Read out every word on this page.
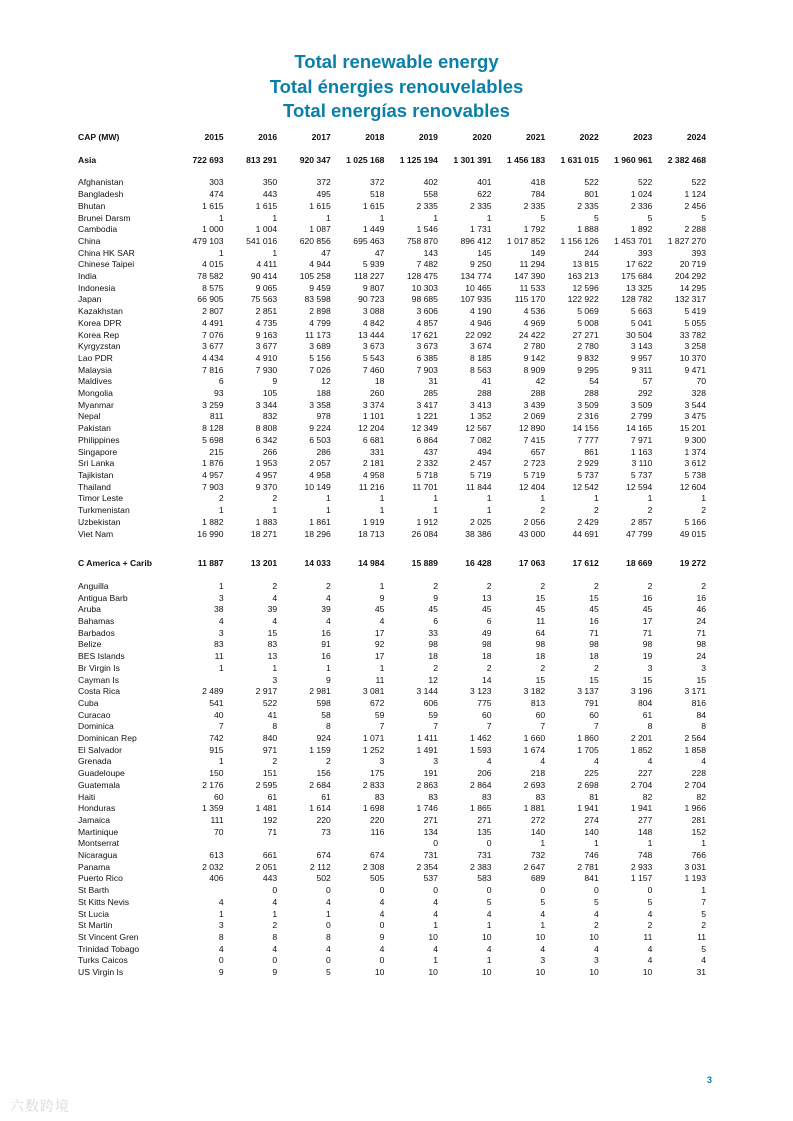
Total renewable energy
Total énergies renouvelables
Total energías renovables
CAP (MW)	2015	2016	2017	2018	2019	2020	2021	2022	2023	2024

Asia	722 693	813 291	920 347	1 025 168	1 125 194	1 301 391	1 456 183	1 631 015	1 960 961	2 382 468

Afghanistan	303	350	372	372	402	401	418	522	522	522
Bangladesh	474	443	495	518	558	622	784	801	1 024	1 124
Bhutan	1 615	1 615	1 615	1 615	2 335	2 335	2 335	2 335	2 336	2 456
Brunei Darsm	1	1	1	1	1	1	5	5	5	5
Cambodia	1 000	1 004	1 087	1 449	1 546	1 731	1 792	1 888	1 892	2 288
China	479 103	541 016	620 856	695 463	758 870	896 412	1 017 852	1 156 126	1 453 701	1 827 270
China HK SAR	1	1	47	47	143	145	149	244	393	393
Chinese Taipei	4 015	4 411	4 944	5 939	7 482	9 250	11 294	13 815	17 622	20 719
India	78 582	90 414	105 258	118 227	128 475	134 774	147 390	163 213	175 684	204 292
Indonesia	8 575	9 065	9 459	9 807	10 303	10 465	11 533	12 596	13 325	14 295
Japan	66 905	75 563	83 598	90 723	98 685	107 935	115 170	122 922	128 782	132 317
Kazakhstan	2 807	2 851	2 898	3 088	3 606	4 190	4 536	5 069	5 663	5 419
Korea DPR	4 491	4 735	4 799	4 842	4 857	4 946	4 969	5 008	5 041	5 055
Korea Rep	7 076	9 163	11 173	13 444	17 621	22 092	24 422	27 271	30 504	33 782
Kyrgyzstan	3 677	3 677	3 689	3 673	3 673	3 674	2 780	2 780	3 143	3 258
Lao PDR	4 434	4 910	5 156	5 543	6 385	8 185	9 142	9 832	9 957	10 370
Malaysia	7 816	7 930	7 026	7 460	7 903	8 563	8 909	9 295	9 311	9 471
Maldives	6	9	12	18	31	41	42	54	57	70
Mongolia	93	105	188	260	285	288	288	288	292	328
Myanmar	3 259	3 344	3 358	3 374	3 417	3 413	3 439	3 509	3 509	3 544
Nepal	811	832	978	1 101	1 221	1 352	2 069	2 316	2 799	3 475
Pakistan	8 128	8 808	9 224	12 204	12 349	12 567	12 890	14 156	14 165	15 201
Philippines	5 698	6 342	6 503	6 681	6 864	7 082	7 415	7 777	7 971	9 300
Singapore	215	266	286	331	437	494	657	861	1 163	1 374
Sri Lanka	1 876	1 953	2 057	2 181	2 332	2 457	2 723	2 929	3 110	3 612
Tajikistan	4 957	4 957	4 958	4 958	5 718	5 719	5 719	5 737	5 737	5 738
Thailand	7 903	9 370	10 149	11 216	11 701	11 844	12 404	12 542	12 594	12 604
Timor Leste	2	2	1	1	1	1	1	1	1	1
Turkmenistan	1	1	1	1	1	1	2	2	2	2
Uzbekistan	1 882	1 883	1 861	1 919	1 912	2 025	2 056	2 429	2 857	5 166
Viet Nam	16 990	18 271	18 296	18 713	26 084	38 386	43 000	44 691	47 799	49 015

C America + Carib	11 887	13 201	14 033	14 984	15 889	16 428	17 063	17 612	18 669	19 272

Anguilla	1	2	2	1	2	2	2	2	2	2
Antigua Barb	3	4	4	9	9	13	15	15	16	16
Aruba	38	39	39	45	45	45	45	45	45	46
Bahamas	4	4	4	4	6	6	11	16	17	24
Barbados	3	15	16	17	33	49	64	71	71	71
Belize	83	83	91	92	98	98	98	98	98	98
BES Islands	11	13	16	17	18	18	18	18	19	24
Br Virgin Is	1	1	1	1	2	2	2	2	3	3
Cayman Is		3	9	11	12	14	15	15	15	15
Costa Rica	2 489	2 917	2 981	3 081	3 144	3 123	3 182	3 137	3 196	3 171
Cuba	541	522	598	672	606	775	813	791	804	816
Curacao	40	41	58	59	59	60	60	60	61	84
Dominica	7	8	8	7	7	7	7	7	8	8
Dominican Rep	742	840	924	1 071	1 411	1 462	1 660	1 860	2 201	2 564
El Salvador	915	971	1 159	1 252	1 491	1 593	1 674	1 705	1 852	1 858
Grenada	1	2	2	3	3	4	4	4	4	4
Guadeloupe	150	151	156	175	191	206	218	225	227	228
Guatemala	2 176	2 595	2 684	2 833	2 863	2 864	2 693	2 698	2 704	2 704
Haiti	60	61	61	83	83	83	83	81	82	82
Honduras	1 359	1 481	1 614	1 698	1 746	1 865	1 881	1 941	1 941	1 966
Jamaica	111	192	220	220	271	271	272	274	277	281
Martinique	70	71	73	116	134	135	140	140	148	152
Montserrat					0	0	1	1	1	1
Nicaragua	613	661	674	674	731	731	732	746	748	766
Panama	2 032	2 051	2 112	2 308	2 354	2 383	2 647	2 781	2 933	3 031
Puerto Rico	406	443	502	505	537	583	689	841	1 157	1 193
St Barth		0	0	0	0	0	0	0	0	1
St Kitts Nevis	4	4	4	4	4	5	5	5	5	7
St Lucia	1	1	1	4	4	4	4	4	4	5
St Martin	3	2	0	0	1	1	1	2	2	2
St Vincent Gren	8	8	8	9	10	10	10	10	11	11
Trinidad Tobago	4	4	4	4	4	4	4	4	4	5
Turks Caicos	0	0	0	0	1	1	3	3	4	4
US Virgin Is	9	9	5	10	10	10	10	10	10	31
3
六数跨境
